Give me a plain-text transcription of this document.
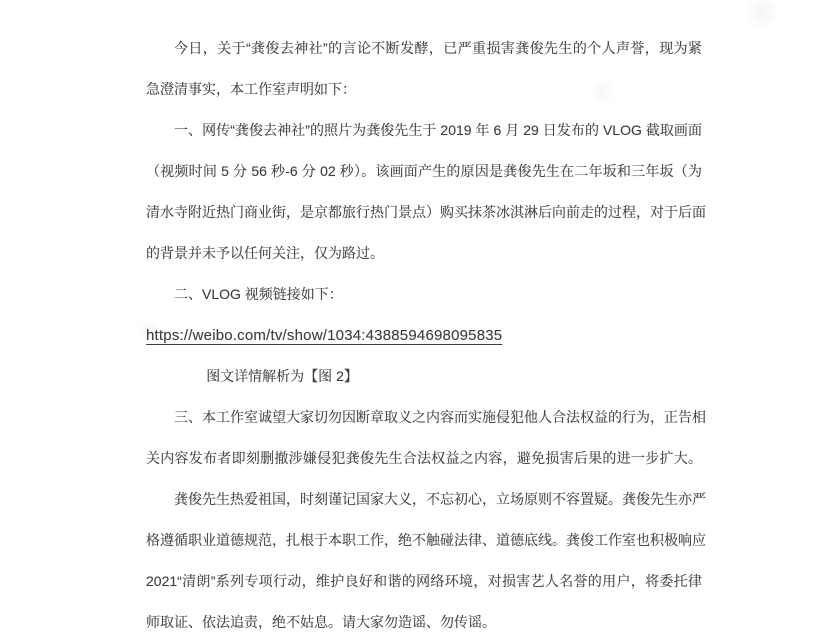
今日，关于“龚俊去神社”的言论不断发酵，已严重损害龚俊先生的个人声誉，现为紧
急澄清事实，本工作室声明如下：
一、网传“龚俊去神社”的照片为龚俊先生于 2019 年 6 月 29 日发布的 VLOG 截取画面
（视频时间 5 分 56 秒-6 分 02 秒）。该画面产生的原因是龚俊先生在二年坂和三年坂（为
清水寺附近热门商业街，是京都旅行热门景点）购买抹茶冰淇淋后向前走的过程，对于后面
的背景并未予以任何关注，仅为路过。
二、VLOG 视频链接如下：
https://weibo.com/tv/show/1034:4388594698095835
图文详情解析为【图 2】
三、本工作室诚望大家切勿因断章取义之内容而实施侵犯他人合法权益的行为，正告相
关内容发布者即刻删撤涉嫌侵犯龚俊先生合法权益之内容，避免损害后果的进一步扩大。
龚俊先生热爱祖国，时刻谨记国家大义，不忘初心，立场原则不容置疑。龚俊先生亦严
格遵循职业道德规范，扎根于本职工作，绝不触碰法律、道德底线。龚俊工作室也积极响应
2021“清朗”系列专项行动，维护良好和谐的网络环境，对损害艺人名誉的用户，将委托律
师取证、依法追责，绝不姑息。请大家勿造谣、勿传谣。
